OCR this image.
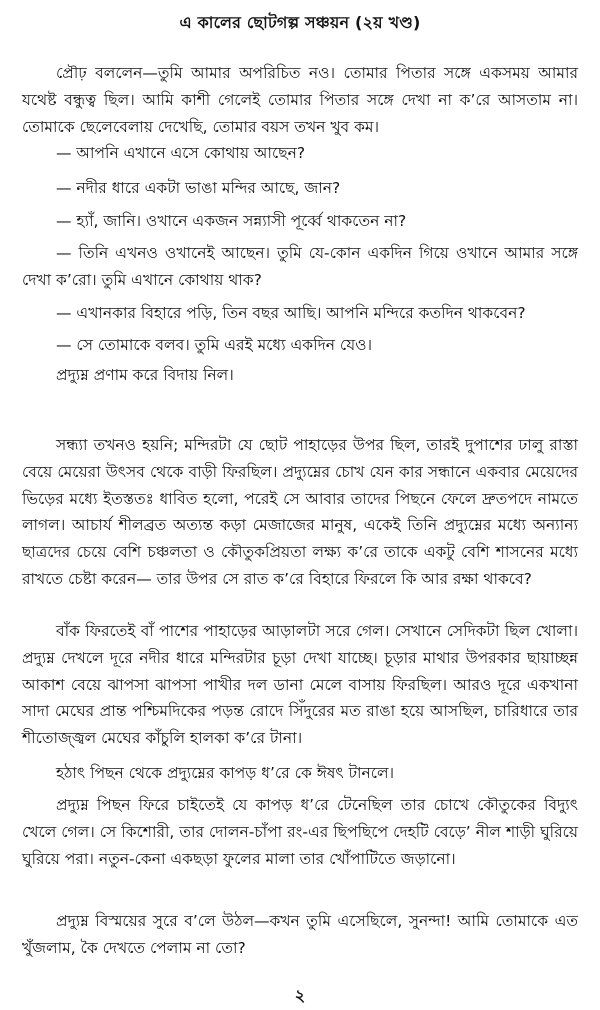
এ কালের ছোটগল্প সঞ্চয়ন (২য় খণ্ড)

প্রৌঢ় বললেন—তুমি আমার অপরিচিত নও। তোমার পিতার সঙ্গে একসময় আমার যথেষ্ট বন্ধুত্ব ছিল। আমি কাশী গেলেই তোমার পিতার সঙ্গে দেখা না ক’রে আসতাম না। তোমাকে ছেলেবেলায় দেখেছি, তোমার বয়স তখন খুব কম।

— আপনি এখানে এসে কোথায় আছেন?

— নদীর ধারে একটা ভাঙা মন্দির আছে, জান?

— হ্যাঁ, জানি। ওখানে একজন সন্ন্যাসী পূর্ব্বে থাকতেন না?

— তিনি এখনও ওখানেই আছেন। তুমি যে-কোন একদিন গিয়ে ওখানে আমার সঙ্গে দেখা ক’রো। তুমি এখানে কোথায় থাক?

— এখানকার বিহারে পড়ি, তিন বছর আছি। আপনি মন্দিরে কতদিন থাকবেন?

— সে তোমাকে বলব। তুমি এরই মধ্যে একদিন যেও।

প্রদ্যুম্ন প্রণাম করে বিদায় নিল।

সন্ধ্যা তখনও হয়নি; মন্দিরটা যে ছোট পাহাড়ের উপর ছিল, তারই দুপাশের ঢালু রাস্তা বেয়ে মেয়েরা উৎসব থেকে বাড়ী ফিরছিল। প্রদ্যুম্নের চোখ যেন কার সন্ধানে একবার মেয়েদের ভিড়ের মধ্যে ইতস্ততঃ ধাবিত হলো, পরেই সে আবার তাদের পিছনে ফেলে দ্রুতপদে নামতে লাগল। আচার্য শীলব্রত অত্যন্ত কড়া মেজাজের মানুষ, একেই তিনি প্রদ্যুম্নের মধ্যে অন্যান্য ছাত্রদের চেয়ে বেশি চঞ্চলতা ও কৌতুকপ্রিয়তা লক্ষ্য ক’রে তাকে একটু বেশি শাসনের মধ্যে রাখতে চেষ্টা করেন— তার উপর সে রাত ক’রে বিহারে ফিরলে কি আর রক্ষা থাকবে?

বাঁক ফিরতেই বাঁ পাশের পাহাড়ের আড়ালটা সরে গেল। সেখানে সেদিকটা ছিল খোলা। প্রদ্যুম্ন দেখলে দূরে নদীর ধারে মন্দিরটার চূড়া দেখা যাচ্ছে। চূড়ার মাথার উপরকার ছায়াচ্ছন্ন আকাশ বেয়ে ঝাপসা ঝাপসা পাখীর দল ডানা মেলে বাসায় ফিরছিল। আরও দূরে একখানা সাদা মেঘের প্রান্ত পশ্চিমদিকের পড়ন্ত রোদে সিঁদুরের মত রাঙা হয়ে আসছিল, চারিধারে তার শীতোজ্জ্বল মেঘের কাঁচুলি হালকা ক’রে টানা।

হঠাৎ পিছন থেকে প্রদ্যুম্নের কাপড় ধ’রে কে ঈষৎ টানলে।

প্রদ্যুম্ন পিছন ফিরে চাইতেই যে কাপড় ধ’রে টেনেছিল তার চোখে কৌতুকের বিদ্যুৎ খেলে গেল। সে কিশোরী, তার দোলন-চাঁপা রং-এর ছিপছিপে দেহটি বেড়ে’ নীল শাড়ী ঘুরিয়ে ঘুরিয়ে পরা। নতুন-কেনা একছড়া ফুলের মালা তার খোঁপাটিতে জড়ানো।

প্রদ্যুম্ন বিস্ময়ের সুরে ব’লে উঠল—কখন তুমি এসেছিলে, সুনন্দা! আমি তোমাকে এত খুঁজলাম, কৈ দেখতে পেলাম না তো?

২
